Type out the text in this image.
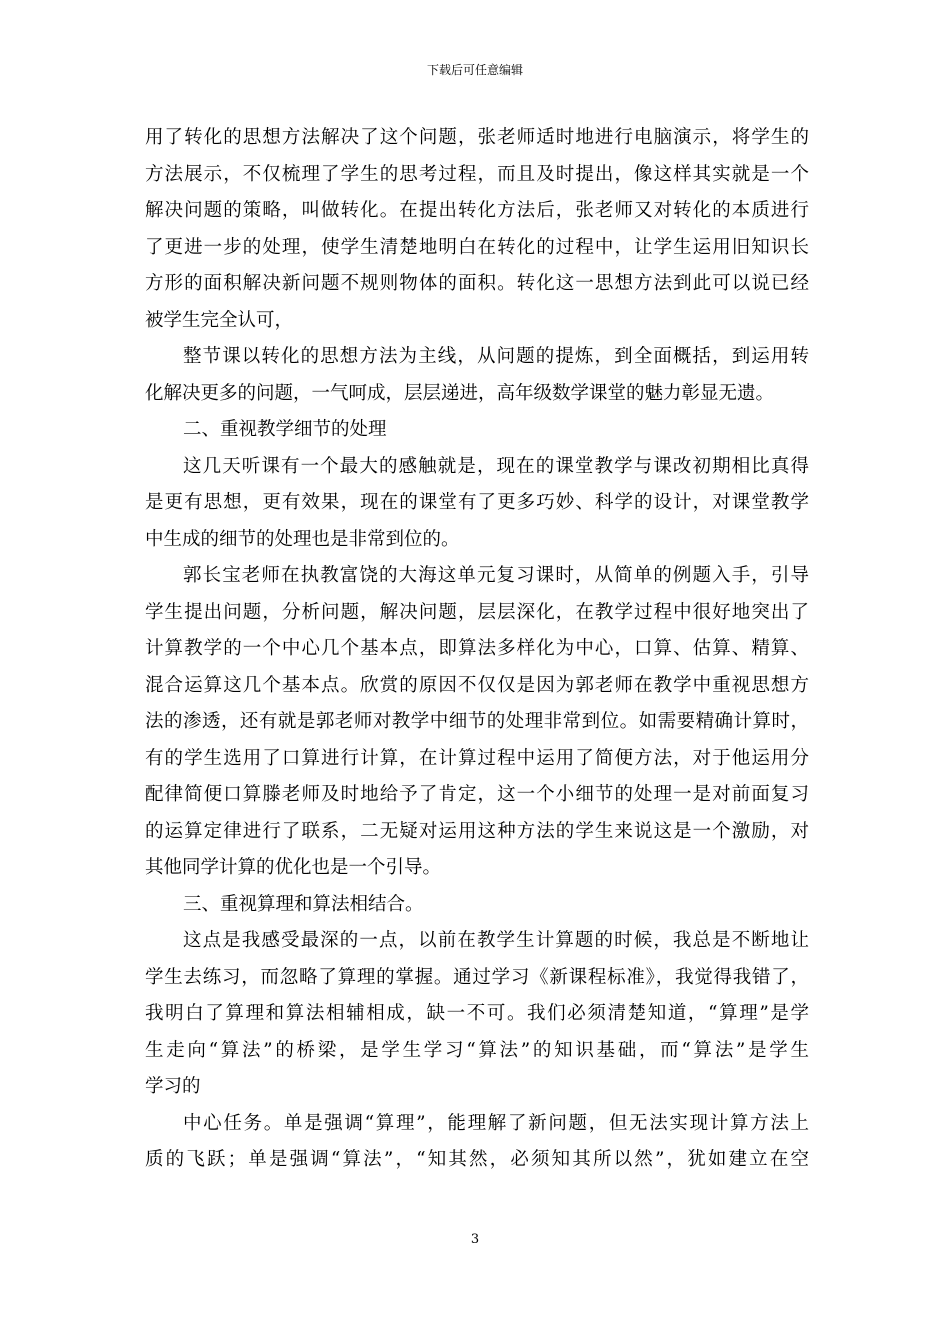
下载后可任意编辑
用了转化的思想方法解决了这个问题，张老师适时地进行电脑演示，将学生的
方法展示，不仅梳理了学生的思考过程，而且及时提出，像这样其实就是一个
解决问题的策略，叫做转化。在提出转化方法后，张老师又对转化的本质进行
了更进一步的处理，使学生清楚地明白在转化的过程中，让学生运用旧知识长
方形的面积解决新问题不规则物体的面积。转化这一思想方法到此可以说已经
被学生完全认可，
整节课以转化的思想方法为主线，从问题的提炼，到全面概括，到运用转
化解决更多的问题，一气呵成，层层递进，高年级数学课堂的魅力彰显无遗。
二、重视教学细节的处理
这几天听课有一个最大的感触就是，现在的课堂教学与课改初期相比真得
是更有思想，更有效果，现在的课堂有了更多巧妙、科学的设计，对课堂教学
中生成的细节的处理也是非常到位的。
郭长宝老师在执教富饶的大海这单元复习课时，从简单的例题入手，引导
学生提出问题，分析问题，解决问题，层层深化，在教学过程中很好地突出了
计算教学的一个中心几个基本点，即算法多样化为中心，口算、估算、精算、
混合运算这几个基本点。欣赏的原因不仅仅是因为郭老师在教学中重视思想方
法的渗透，还有就是郭老师对教学中细节的处理非常到位。如需要精确计算时，
有的学生选用了口算进行计算，在计算过程中运用了简便方法，对于他运用分
配律简便口算滕老师及时地给予了肯定，这一个小细节的处理一是对前面复习
的运算定律进行了联系，二无疑对运用这种方法的学生来说这是一个激励，对
其他同学计算的优化也是一个引导。
三、重视算理和算法相结合。
这点是我感受最深的一点，以前在教学生计算题的时候，我总是不断地让
学生去练习，而忽略了算理的掌握。通过学习《新课程标准》，我觉得我错了，
我明白了算理和算法相辅相成，缺一不可。我们必须清楚知道，“算理”是学
生走向“算法”的桥梁，是学生学习“算法”的知识基础，而“算法”是学生
学习的
中心任务。单是强调“算理”，能理解了新问题，但无法实现计算方法上
质的飞跃；单是强调“算法”，“知其然，必须知其所以然”，犹如建立在空
3
